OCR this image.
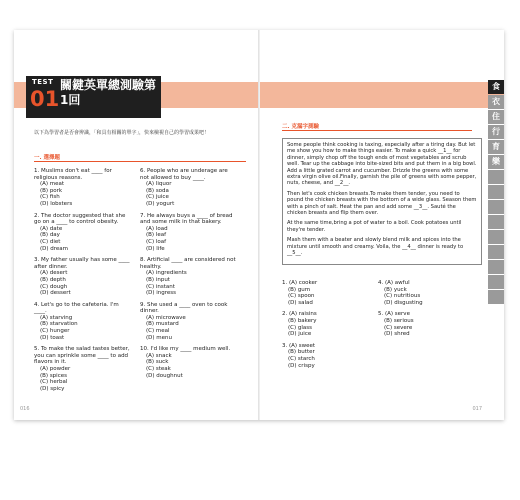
TEST
01
關鍵英單總測驗第1回
以下為學習者是否會辨識，「和具有相關的單字」，快來檢視自己的學習成果吧！
一. 選擇題
1. Muslims don't eat ____ for religious reasons.
(A) meat
(B) pork
(C) fish
(D) lobsters
2. The doctor suggested that she go on a ____ to control obesity.
(A) date
(B) day
(C) diet
(D) dream
3. My father usually has some ____ after dinner.
(A) desert
(B) depth
(C) dough
(D) dessert
4. Let's go to the cafeteria. I'm ____.
(A) starving
(B) starvation
(C) hunger
(D) toast
5. To make the salad tastes better, you can sprinkle some ____ to add flavors in it.
(A) powder
(B) spices
(C) herbal
(D) spicy
6. People who are underage are not allowed to buy ____.
(A) liquor
(B) soda
(C) juice
(D) yogurt
7. He always buys a ____ of bread and some milk in that bakery.
(A) load
(B) leaf
(C) loaf
(D) life
8. Artificial ____ are considered not healthy.
(A) ingredients
(B) input
(C) instant
(D) ingress
9. She used a ____ oven to cook dinner.
(A) microwave
(B) mustard
(C) meal
(D) menu
10. I'd like my ____ medium well.
(A) snack
(B) suck
(C) steak
(D) doughnut
016
二. 克漏字測驗

Some people think cooking is taxing, especially after a tiring day. But let me show you how to make things easier. To make a quick __1__ for dinner, simply chop off the tough ends of most vegetables and scrub well. Tear up the cabbage into bite-sized bits and put them in a big bowl. Add a little grated carrot and cucumber. Drizzle the greens with some extra virgin olive oil.Finally, garnish the pile of greens with some pepper, nuts, cheese, and __2__.

Then let's cook chicken breasts.To make them tender, you need to pound the chicken breasts with the bottom of a wide glass. Season them with a pinch of salt. Heat the pan and add some __3__. Sauté the chicken breasts and flip them over.

At the same time,bring a pot of water to a boil. Cook potatoes until they're tender.

Mash them with a beater and slowly blend milk and spices into the mixture until smooth and creamy. Voila, the __4__ dinner is ready to __5__.

1. (A) cooker
(B) gum
(C) spoon
(D) salad
2. (A) raisins
(B) bakery
(C) glass
(D) juice
3. (A) sweet
(B) butter
(C) starch
(D) crispy
4. (A) awful
(B) yuck
(C) nutritious
(D) disgusting
5. (A) serve
(B) serious
(C) severe
(D) shred
食
衣
住
行
育
樂
017
